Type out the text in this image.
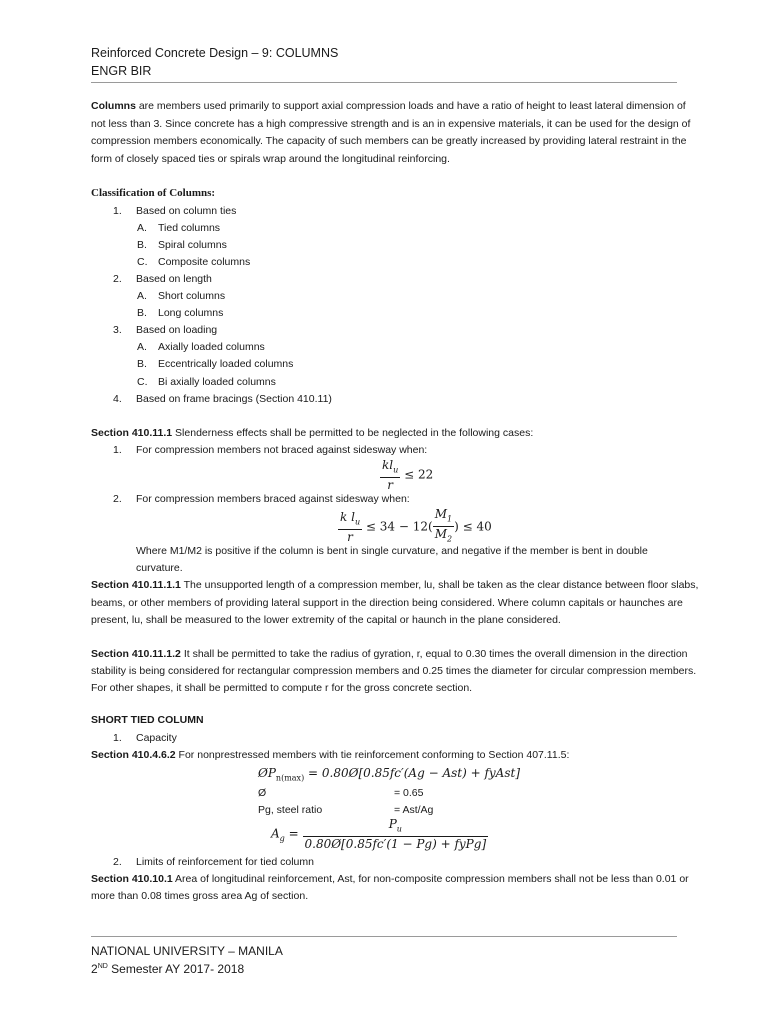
Reinforced Concrete Design – 9: COLUMNS
ENGR BIR
Columns are members used primarily to support axial compression loads and have a ratio of height to least lateral dimension of
not less than 3. Since concrete has a high compressive strength and is an in expensive materials, it can be used for the design of
compression members economically. The capacity of such members can be greatly increased by providing lateral restraint in the
form of closely spaced ties or spirals wrap around the longitudinal reinforcing.
Classification of Columns:
1. Based on column ties
A. Tied columns
B. Spiral columns
C. Composite columns
2. Based on length
A. Short columns
B. Long columns
3. Based on loading
A. Axially loaded columns
B. Eccentrically loaded columns
C. Bi axially loaded columns
4. Based on frame bracings (Section 410.11)
Section 410.11.1 Slenderness effects shall be permitted to be neglected in the following cases:
1. For compression members not braced against sidesway when:
$\frac{kl_u}{r} \le 22$
2. For compression members braced against sidesway when:
$\frac{k l_u}{r} \le 34 - 12( \frac{M_1}{M_2}$ ) ≤ 40
Where M1/M2 is positive if the column is bent in single curvature, and negative if the member is bent in double
curvature.
Section 410.11.1.1 The unsupported length of a compression member, lu, shall be taken as the clear distance between floor slabs,
beams, or other members of providing lateral support in the direction being considered. Where column capitals or haunches are
present, lu, shall be measured to the lower extremity of the capital or haunch in the plane considered.
Section 410.11.1.2 It shall be permitted to take the radius of gyration, r, equal to 0.30 times the overall dimension in the direction
stability is being considered for rectangular compression members and 0.25 times the diameter for circular compression members.
For other shapes, it shall be permitted to compute r for the gross concrete section.
SHORT TIED COLUMN
1. Capacity
Section 410.4.6.2 For nonprestressed members with tie reinforcement conforming to Section 407.11.5:
$ØP_{n(max)}$ = 0.80Ø[0.85fc′(Ag − Ast) + fyAst]
Ø	= 0.65
Pg, steel ratio	= Ast/Ag
$A_g = \frac{P_u}{\text{0.80Ø[0.85fc′(1 − Pg) + fyPg]}}$
2. Limits of reinforcement for tied column
Section 410.10.1 Area of longitudinal reinforcement, Ast, for non-composite compression members shall not be less than 0.01 or
more than 0.08 times gross area Ag of section.
NATIONAL UNIVERSITY – MANILA
2ND Semester AY 2017- 2018
